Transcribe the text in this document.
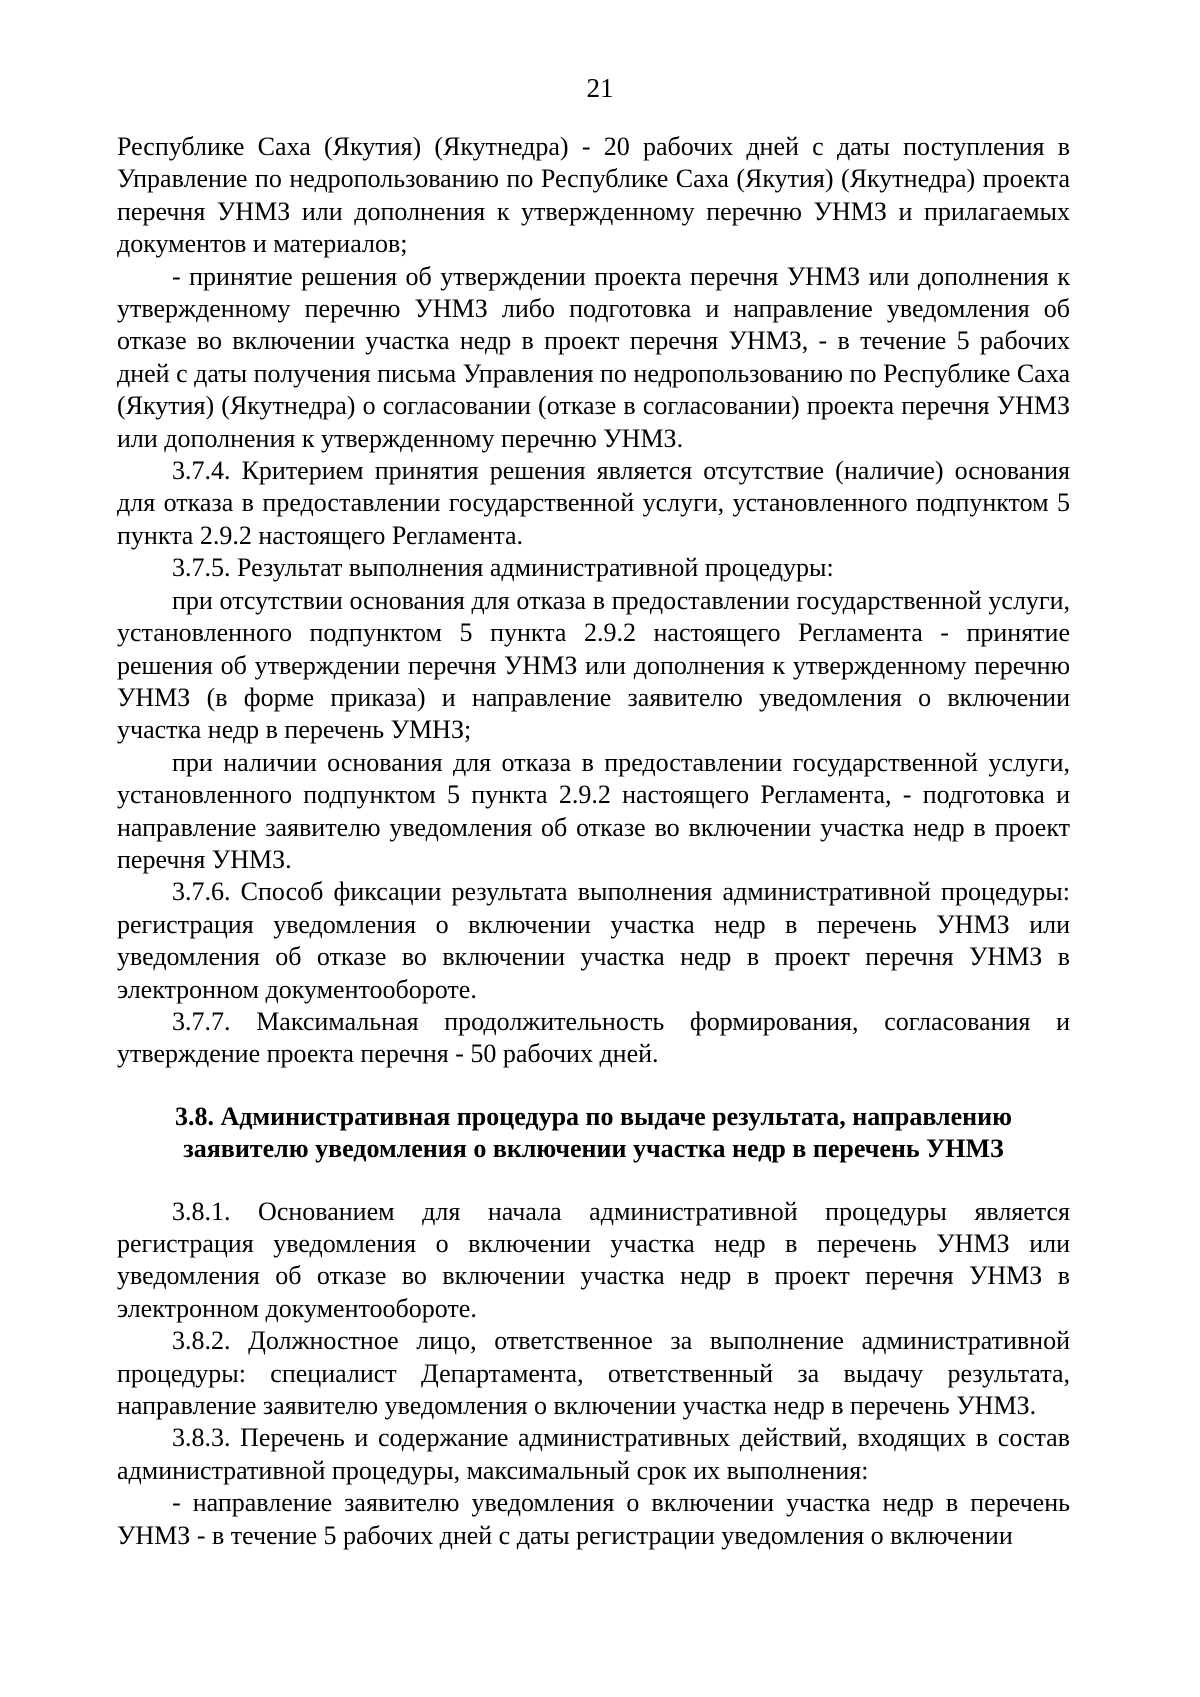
21

Республике Саха (Якутия) (Якутнедра) - 20 рабочих дней с даты поступления в Управление по недропользованию по Республике Саха (Якутия) (Якутнедра) проекта перечня УНМЗ или дополнения к утвержденному перечню УНМЗ и прилагаемых документов и материалов;

- принятие решения об утверждении проекта перечня УНМЗ или дополнения к утвержденному перечню УНМЗ либо подготовка и направление уведомления об отказе во включении участка недр в проект перечня УНМЗ, - в течение 5 рабочих дней с даты получения письма Управления по недропользованию по Республике Саха (Якутия) (Якутнедра) о согласовании (отказе в согласовании) проекта перечня УНМЗ или дополнения к утвержденному перечню УНМЗ.

3.7.4. Критерием принятия решения является отсутствие (наличие) основания для отказа в предоставлении государственной услуги, установленного подпунктом 5 пункта 2.9.2 настоящего Регламента.

3.7.5. Результат выполнения административной процедуры:

при отсутствии основания для отказа в предоставлении государственной услуги, установленного подпунктом 5 пункта 2.9.2 настоящего Регламента - принятие решения об утверждении перечня УНМЗ или дополнения к утвержденному перечню УНМЗ (в форме приказа) и направление заявителю уведомления о включении участка недр в перечень УМНЗ;

при наличии основания для отказа в предоставлении государственной услуги, установленного подпунктом 5 пункта 2.9.2 настоящего Регламента, - подготовка и направление заявителю уведомления об отказе во включении участка недр в проект перечня УНМЗ.

3.7.6. Способ фиксации результата выполнения административной процедуры: регистрация уведомления о включении участка недр в перечень УНМЗ или уведомления об отказе во включении участка недр в проект перечня УНМЗ в электронном документообороте.

3.7.7. Максимальная продолжительность формирования, согласования и утверждение проекта перечня - 50 рабочих дней.

3.8. Административная процедура по выдаче результата, направлению заявителю уведомления о включении участка недр в перечень УНМЗ

3.8.1. Основанием для начала административной процедуры является регистрация уведомления о включении участка недр в перечень УНМЗ или уведомления об отказе во включении участка недр в проект перечня УНМЗ в электронном документообороте.

3.8.2. Должностное лицо, ответственное за выполнение административной процедуры: специалист Департамента, ответственный за выдачу результата, направление заявителю уведомления о включении участка недр в перечень УНМЗ.

3.8.3. Перечень и содержание административных действий, входящих в состав административной процедуры, максимальный срок их выполнения:

- направление заявителю уведомления о включении участка недр в перечень УНМЗ - в течение 5 рабочих дней с даты регистрации уведомления о включении
